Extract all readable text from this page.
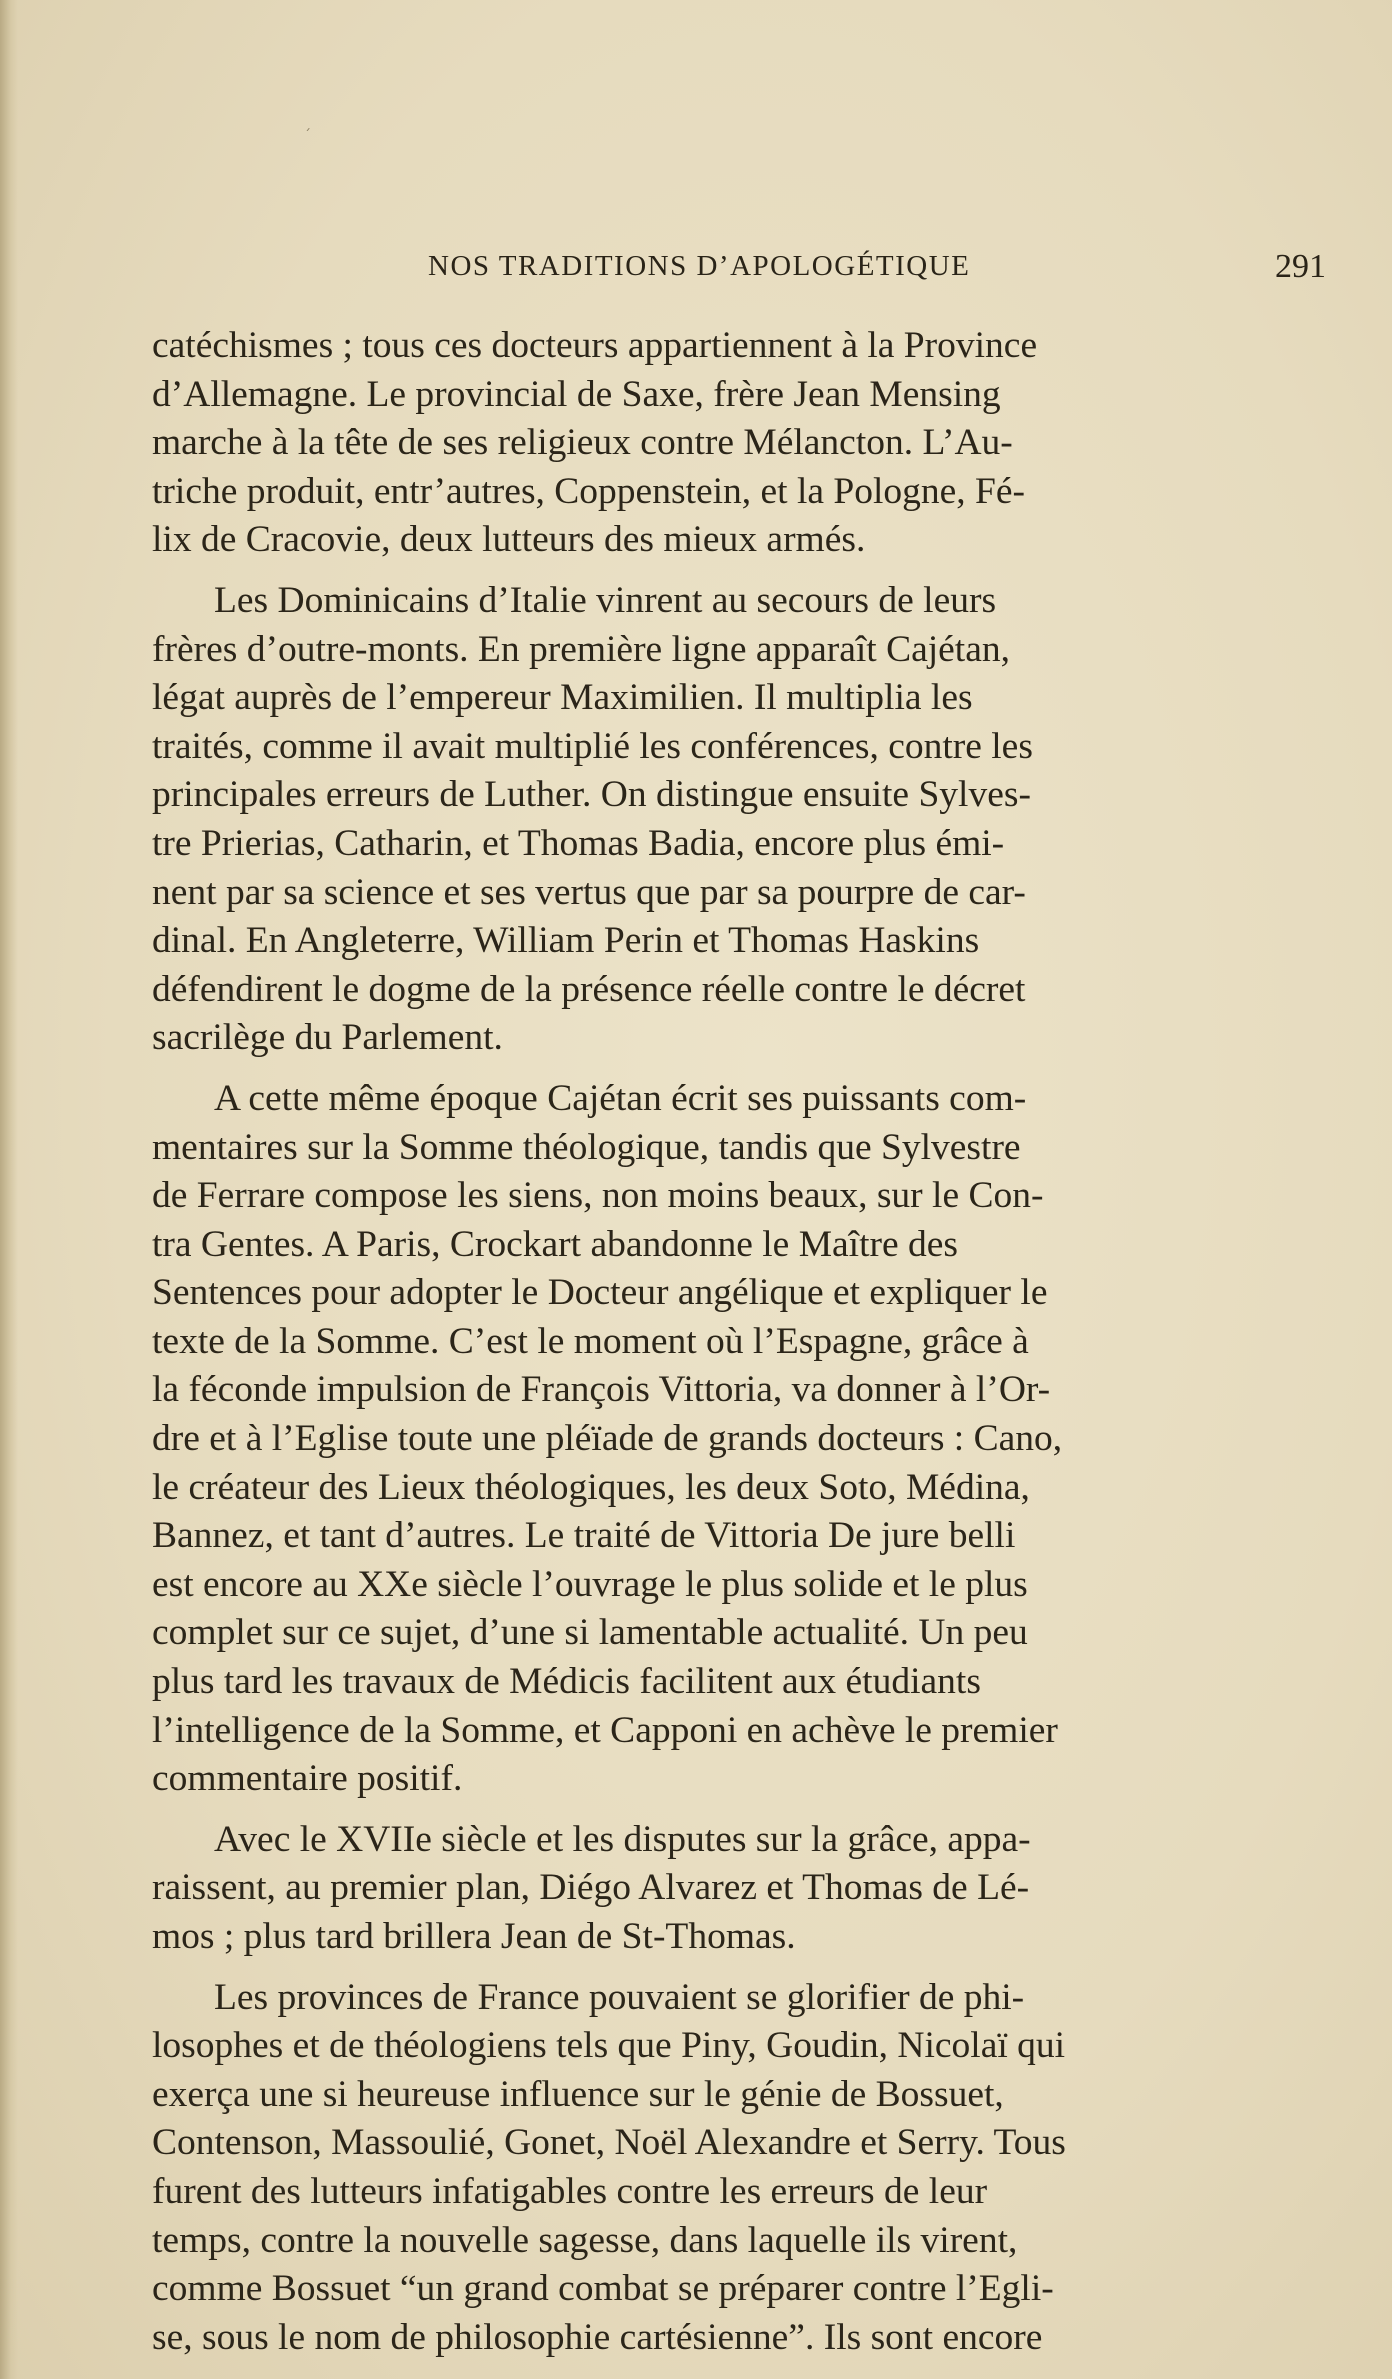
´
NOS TRADITIONS D’APOLOGÉTIQUE	291

catéchismes ; tous ces docteurs appartiennent à la Province
d’Allemagne. Le provincial de Saxe, frère Jean Mensing
marche à la tête de ses religieux contre Mélancton. L’Au-
triche produit, entr’autres, Coppenstein, et la Pologne, Fé-
lix de Cracovie, deux lutteurs des mieux armés.

Les Dominicains d’Italie vinrent au secours de leurs
frères d’outre-monts. En première ligne apparaît Cajétan,
légat auprès de l’empereur Maximilien. Il multiplia les
traités, comme il avait multiplié les conférences, contre les
principales erreurs de Luther. On distingue ensuite Sylves-
tre Prierias, Catharin, et Thomas Badia, encore plus émi-
nent par sa science et ses vertus que par sa pourpre de car-
dinal. En Angleterre, William Perin et Thomas Haskins
défendirent le dogme de la présence réelle contre le décret
sacrilège du Parlement.

A cette même époque Cajétan écrit ses puissants com-
mentaires sur la Somme théologique, tandis que Sylvestre
de Ferrare compose les siens, non moins beaux, sur le Con-
tra Gentes. A Paris, Crockart abandonne le Maître des
Sentences pour adopter le Docteur angélique et expliquer le
texte de la Somme. C’est le moment où l’Espagne, grâce à
la féconde impulsion de François Vittoria, va donner à l’Or-
dre et à l’Eglise toute une pléïade de grands docteurs : Cano,
le créateur des Lieux théologiques, les deux Soto, Médina,
Bannez, et tant d’autres. Le traité de Vittoria De jure belli
est encore au XXe siècle l’ouvrage le plus solide et le plus
complet sur ce sujet, d’une si lamentable actualité. Un peu
plus tard les travaux de Médicis facilitent aux étudiants
l’intelligence de la Somme, et Capponi en achève le premier
commentaire positif.

Avec le XVIIe siècle et les disputes sur la grâce, appa-
raissent, au premier plan, Diégo Alvarez et Thomas de Lé-
mos ; plus tard brillera Jean de St-Thomas.

Les provinces de France pouvaient se glorifier de phi-
losophes et de théologiens tels que Piny, Goudin, Nicolaï qui
exerça une si heureuse influence sur le génie de Bossuet,
Contenson, Massoulié, Gonet, Noël Alexandre et Serry. Tous
furent des lutteurs infatigables contre les erreurs de leur
temps, contre la nouvelle sagesse, dans laquelle ils virent,
comme Bossuet “un grand combat se préparer contre l’Egli-
se, sous le nom de philosophie cartésienne”. Ils sont encore
